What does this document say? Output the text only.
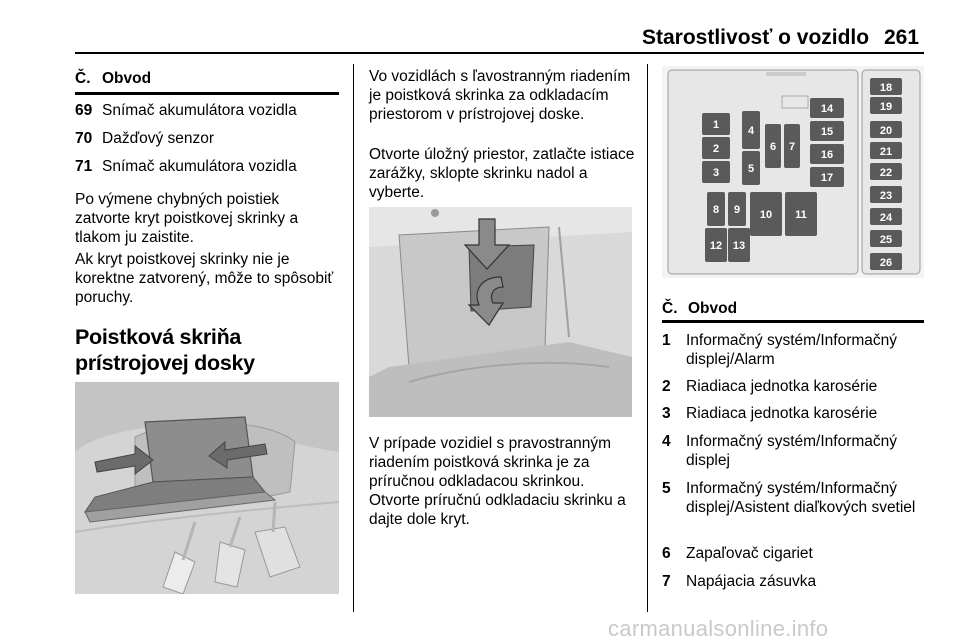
Starostlivosť o vozidlo 261
Č. Obvod
69 Snímač akumulátora vozidla
70 Dažďový senzor
71 Snímač akumulátora vozidla
Po výmene chybných poistiek zatvorte kryt poistkovej skrinky a tlakom ju zaistite.
Ak kryt poistkovej skrinky nie je korektne zatvorený, môže to spôsobiť poruchy.
Poistková skriňa prístrojovej dosky
Vo vozidlách s ľavostranným riadením je poistková skrinka za odkladacím priestorom v prístrojovej doske.
Otvorte úložný priestor, zatlačte istiace zarážky, sklopte skrinku nadol a vyberte.
V prípade vozidiel s pravostranným riadením poistková skrinka je za príručnou odkladacou skrinkou. Otvorte príručnú odkladaciu skrinku a dajte dole kryt.
1
2
3
4
5
6 7
8 9 10 11
12 13
14
15
16
17
18
19
20
21
22
23
24
25
26
Č. Obvod
1 Informačný systém/Informačný displej/Alarm
2 Riadiaca jednotka karosérie
3 Riadiaca jednotka karosérie
4 Informačný systém/Informačný displej
5 Informačný systém/Informačný displej/Asistent diaľkových svetiel
6 Zapaľovač cigariet
7 Napájacia zásuvka
carmanualsonline.info
